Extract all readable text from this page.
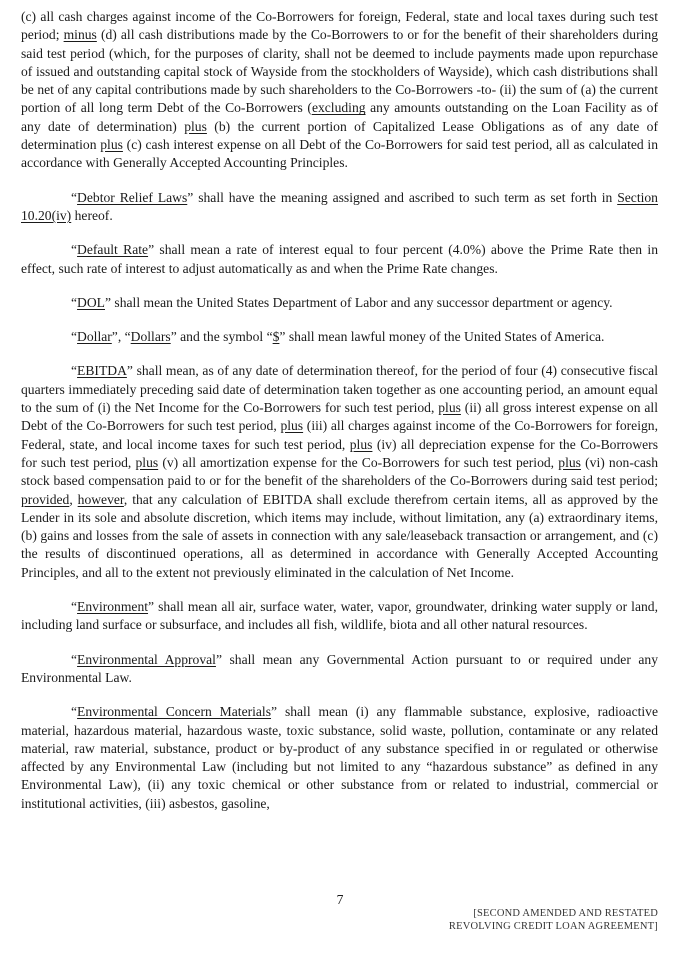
(c) all cash charges against income of the Co-Borrowers for foreign, Federal, state and local taxes during such test period; minus (d) all cash distributions made by the Co-Borrowers to or for the benefit of their shareholders during said test period (which, for the purposes of clarity, shall not be deemed to include payments made upon repurchase of issued and outstanding capital stock of Wayside from the stockholders of Wayside), which cash distributions shall be net of any capital contributions made by such shareholders to the Co-Borrowers -to- (ii) the sum of (a) the current portion of all long term Debt of the Co-Borrowers (excluding any amounts outstanding on the Loan Facility as of any date of determination) plus (b) the current portion of Capitalized Lease Obligations as of any date of determination plus (c) cash interest expense on all Debt of the Co-Borrowers for said test period, all as calculated in accordance with Generally Accepted Accounting Principles.

“Debtor Relief Laws” shall have the meaning assigned and ascribed to such term as set forth in Section 10.20(iv) hereof.

“Default Rate” shall mean a rate of interest equal to four percent (4.0%) above the Prime Rate then in effect, such rate of interest to adjust automatically as and when the Prime Rate changes.

“DOL” shall mean the United States Department of Labor and any successor department or agency.

“Dollar”, “Dollars” and the symbol “$” shall mean lawful money of the United States of America.

“EBITDA” shall mean, as of any date of determination thereof, for the period of four (4) consecutive fiscal quarters immediately preceding said date of determination taken together as one accounting period, an amount equal to the sum of (i) the Net Income for the Co-Borrowers for such test period, plus (ii) all gross interest expense on all Debt of the Co-Borrowers for such test period, plus (iii) all charges against income of the Co-Borrowers for foreign, Federal, state, and local income taxes for such test period, plus (iv) all depreciation expense for the Co-Borrowers for such test period, plus (v) all amortization expense for the Co-Borrowers for such test period, plus (vi) non-cash stock based compensation paid to or for the benefit of the shareholders of the Co-Borrowers during said test period; provided, however, that any calculation of EBITDA shall exclude therefrom certain items, all as approved by the Lender in its sole and absolute discretion, which items may include, without limitation, any (a) extraordinary items, (b) gains and losses from the sale of assets in connection with any sale/leaseback transaction or arrangement, and (c) the results of discontinued operations, all as determined in accordance with Generally Accepted Accounting Principles, and all to the extent not previously eliminated in the calculation of Net Income.

“Environment” shall mean all air, surface water, water, vapor, groundwater, drinking water supply or land, including land surface or subsurface, and includes all fish, wildlife, biota and all other natural resources.

“Environmental Approval” shall mean any Governmental Action pursuant to or required under any Environmental Law.

“Environmental Concern Materials” shall mean (i) any flammable substance, explosive, radioactive material, hazardous material, hazardous waste, toxic substance, solid waste, pollution, contaminate or any related material, raw material, substance, product or by-product of any substance specified in or regulated or otherwise affected by any Environmental Law (including but not limited to any “hazardous substance” as defined in any Environmental Law), (ii) any toxic chemical or other substance from or related to industrial, commercial or institutional activities, (iii) asbestos, gasoline,

7
[SECOND AMENDED AND RESTATED
REVOLVING CREDIT LOAN AGREEMENT]
